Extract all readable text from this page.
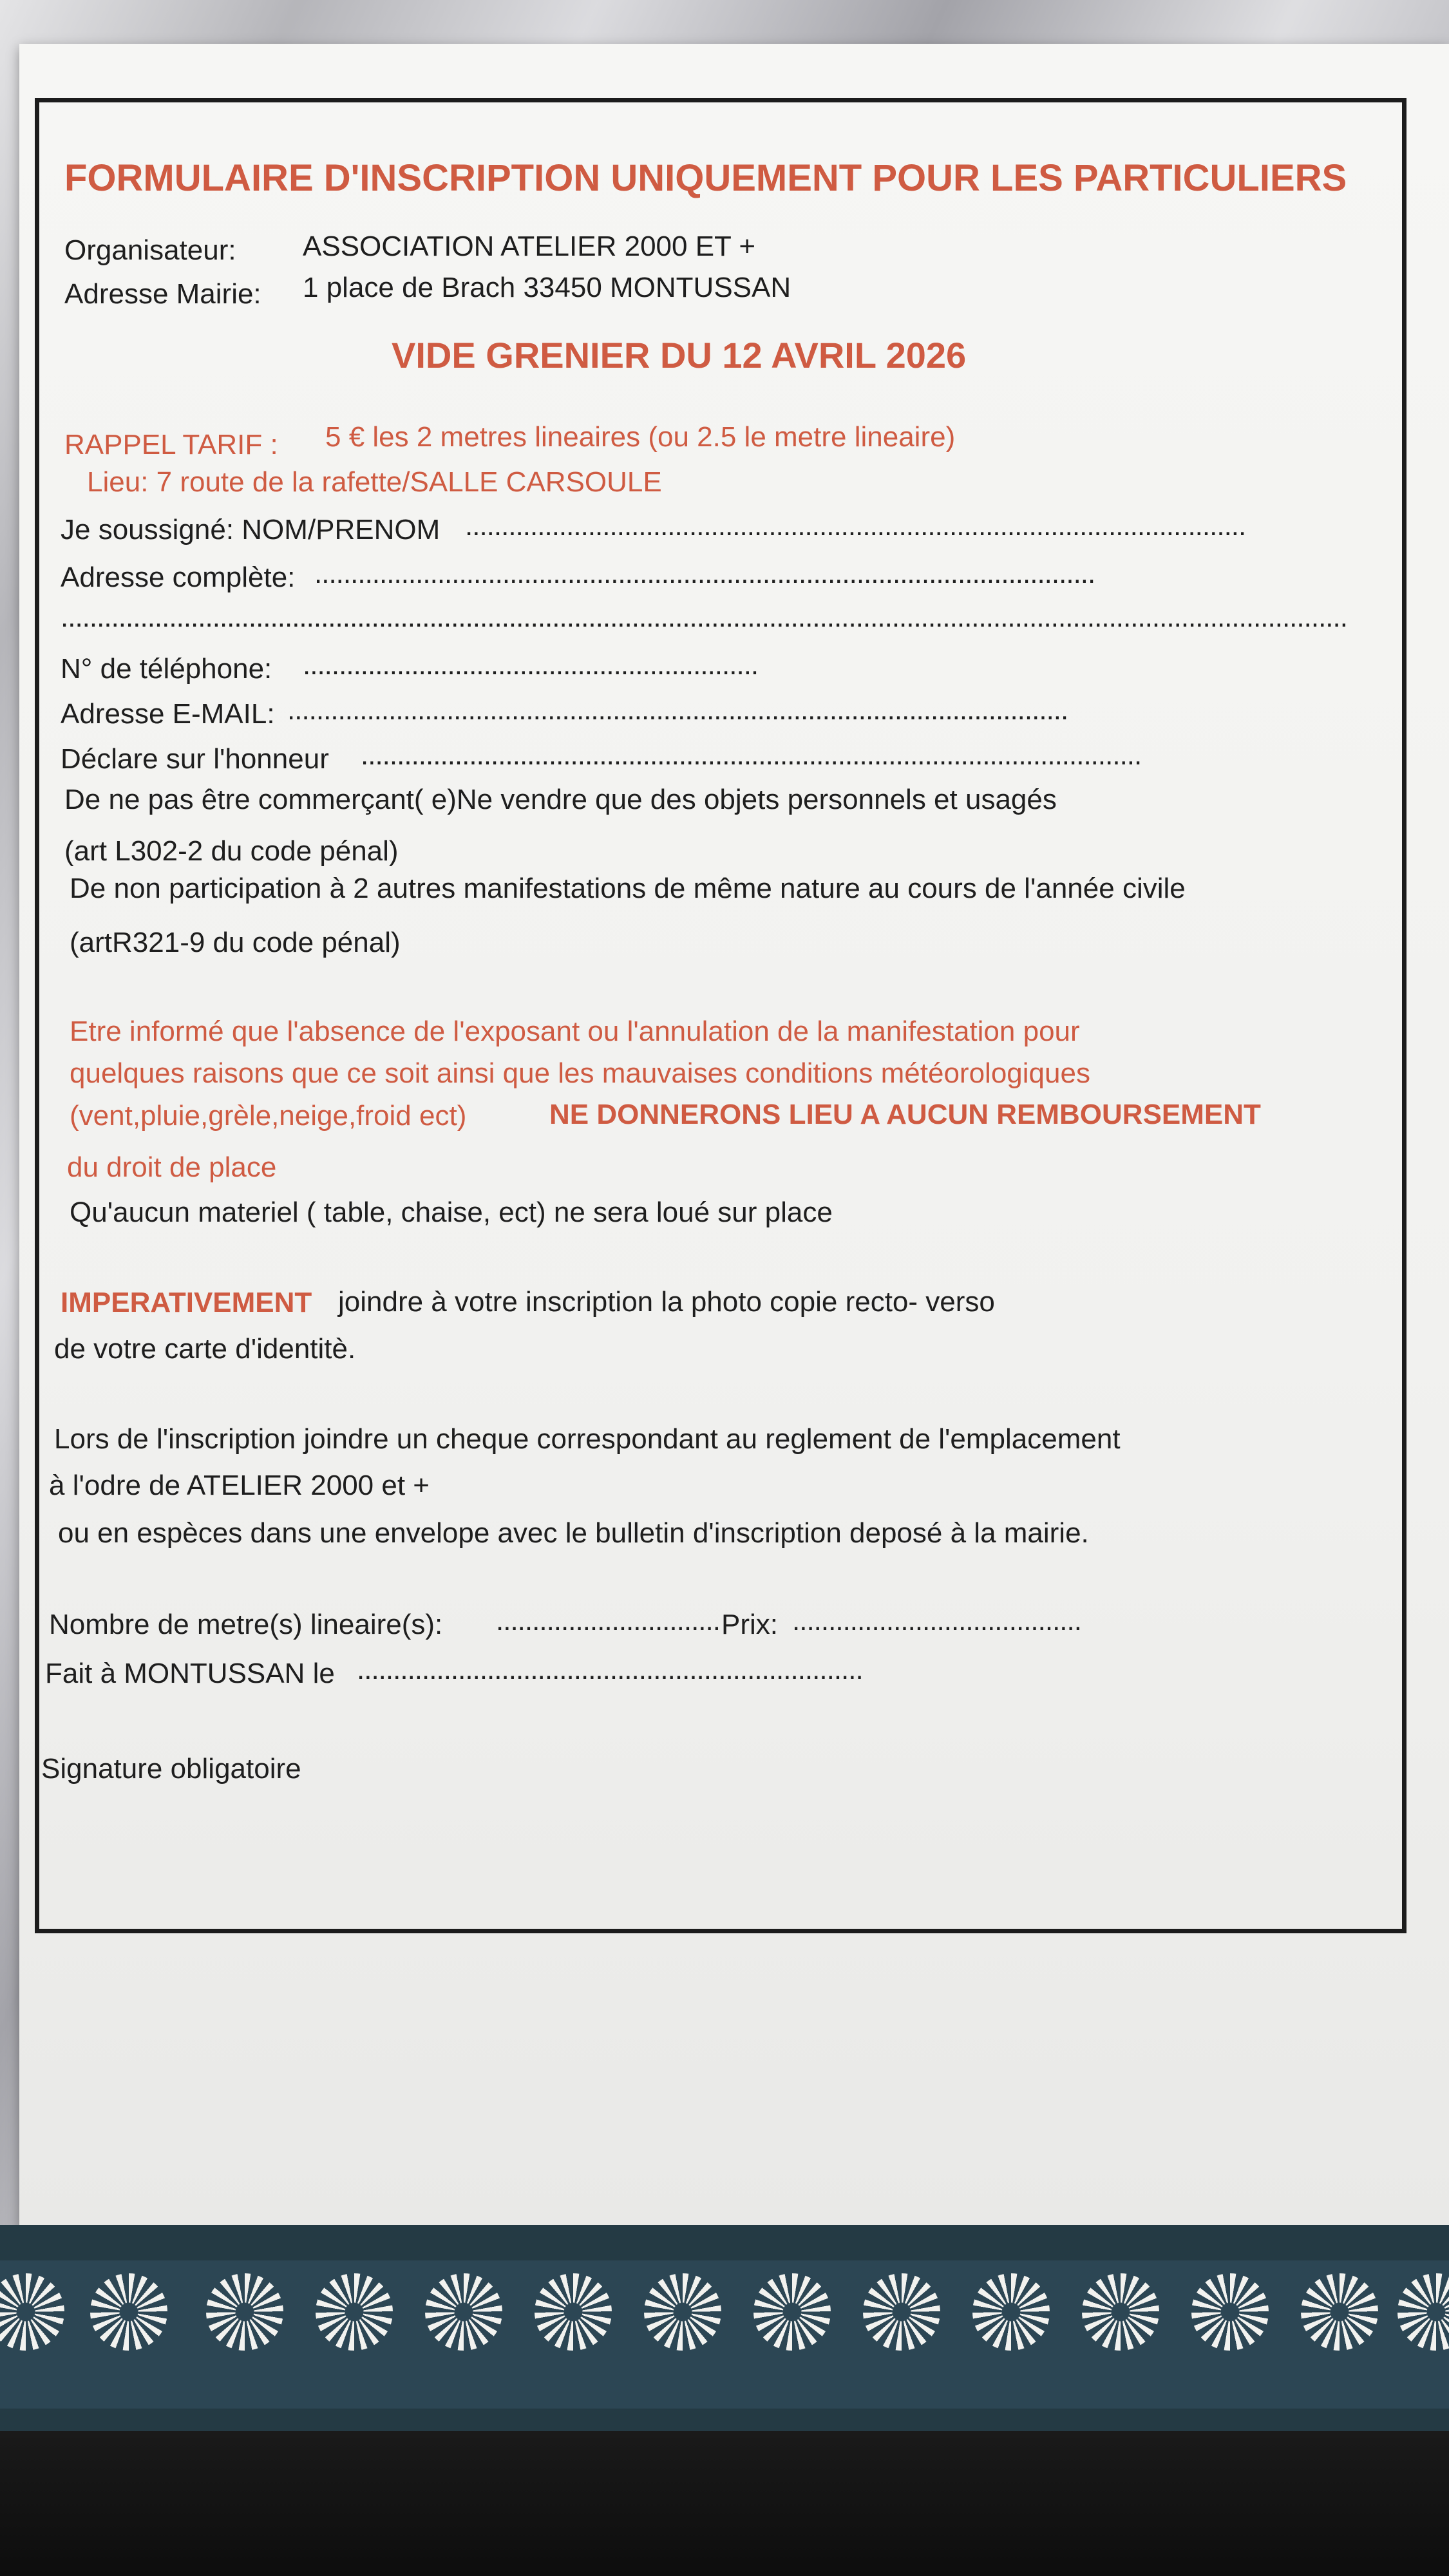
FORMULAIRE D'INSCRIPTION UNIQUEMENT POUR LES PARTICULIERS
Organisateur: ASSOCIATION ATELIER 2000 ET +
Adresse Mairie: 1 place de Brach 33450 MONTUSSAN
VIDE GRENIER DU 12 AVRIL 2026
RAPPEL TARIF : 5 € les 2 metres lineaires (ou 2.5 le metre lineaire)
Lieu: 7 route de la rafette/SALLE CARSOULE
Je soussigné: NOM/PRENOM ............................................................................................................
Adresse complète: ............................................................................................................
..................................................................................................................................................................................
N° de téléphone: ...............................................................
Adresse E-MAIL: ............................................................................................................
Déclare sur l'honneur ............................................................................................................
De ne pas être commerçant( e)Ne vendre que des objets personnels et usagés
(art L302-2 du code pénal)
De non participation à 2 autres manifestations de même nature au cours de l'année civile
(artR321-9 du code pénal)
Etre informé que l'absence de l'exposant ou l'annulation de la manifestation pour
quelques raisons que ce soit ainsi que les mauvaises conditions météorologiques
(vent,pluie,grèle,neige,froid ect)	NE DONNERONS LIEU A AUCUN REMBOURSEMENT
du droit de place
Qu'aucun materiel ( table, chaise, ect) ne sera loué sur place
IMPERATIVEMENT joindre à votre inscription la photo copie recto- verso
de votre carte d'identitè.
Lors de l'inscription joindre un cheque correspondant au reglement de l'emplacement
à l'odre de ATELIER 2000 et +
ou en espèces dans une envelope avec le bulletin d'inscription deposé à la mairie.
Nombre de metre(s) lineaire(s): ............................... Prix: ........................................
Fait à MONTUSSAN le ......................................................................
Signature obligatoire
